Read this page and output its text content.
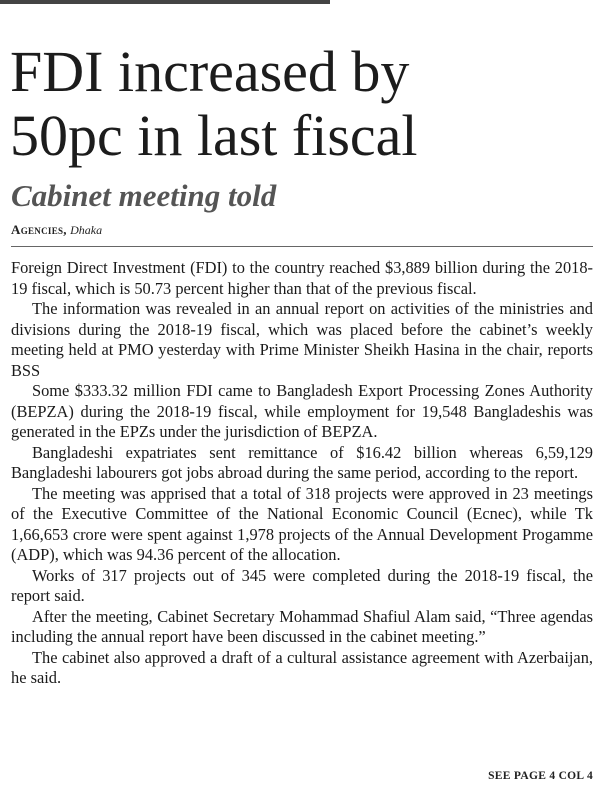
FDI increased by
50pc in last fiscal
Cabinet meeting told
Agencies, Dhaka

Foreign Direct Investment (FDI) to the country reached $3,889 billion during the 2018-19 fiscal, which is 50.73 percent higher than that of the previous fiscal.

The information was revealed in an annual report on activities of the ministries and divisions during the 2018-19 fiscal, which was placed before the cabinet’s weekly meeting held at PMO yesterday with Prime Minister Sheikh Hasina in the chair, reports BSS

Some $333.32 million FDI came to Bangladesh Export Processing Zones Authority (BEPZA) during the 2018-19 fiscal, while employment for 19,548 Bangladeshis was generated in the EPZs under the jurisdiction of BEPZA.

Bangladeshi expatriates sent remittance of $16.42 billion whereas 6,59,129 Bangladeshi labourers got jobs abroad during the same period, according to the report.

The meeting was apprised that a total of 318 projects were approved in 23 meetings of the Executive Committee of the National Economic Council (Ecnec), while Tk 1,66,653 crore were spent against 1,978 projects of the Annual Development Progamme (ADP), which was 94.36 percent of the allocation.

Works of 317 projects out of 345 were completed during the 2018-19 fiscal, the report said.

After the meeting, Cabinet Secretary Mohammad Shafiul Alam said, “Three agendas including the annual report have been discussed in the cabinet meeting.”

The cabinet also approved a draft of a cultural assistance agreement with Azerbaijan, he said.

SEE PAGE 4 COL 4
